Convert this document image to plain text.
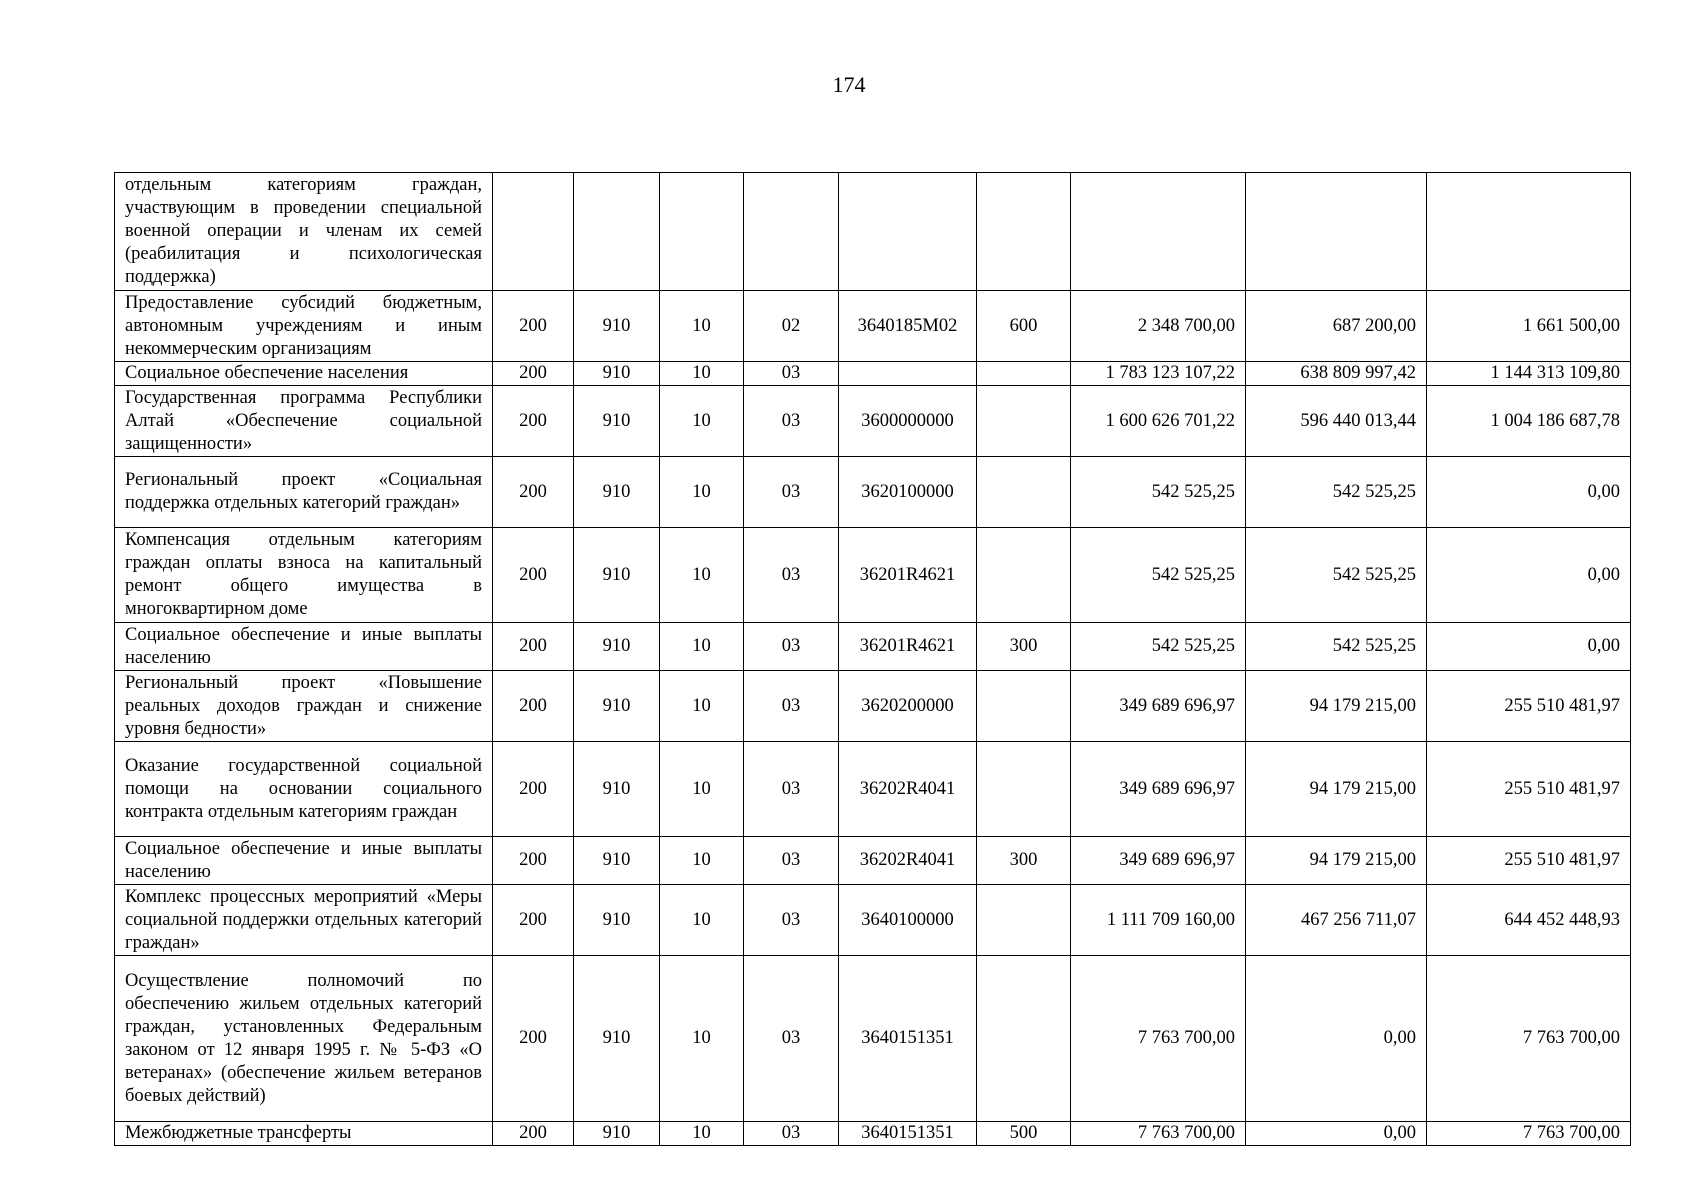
174
отдельным категориям граждан, участвующим в проведении специальной военной операции и членам их семей (реабилитация и психологическая поддержка)									
Предоставление субсидий бюджетным, автономным учреждениям и иным некоммерческим организациям	200	910	10	02	3640185М02	600	2 348 700,00	687 200,00	1 661 500,00
Социальное обеспечение населения	200	910	10	03			1 783 123 107,22	638 809 997,42	1 144 313 109,80
Государственная программа Республики Алтай «Обеспечение социальной защищенности»	200	910	10	03	3600000000		1 600 626 701,22	596 440 013,44	1 004 186 687,78
Региональный проект «Социальная поддержка отдельных категорий граждан»	200	910	10	03	3620100000		542 525,25	542 525,25	0,00
Компенсация отдельным категориям граждан оплаты взноса на капитальный ремонт общего имущества в многоквартирном доме	200	910	10	03	36201R4621		542 525,25	542 525,25	0,00
Социальное обеспечение и иные выплаты населению	200	910	10	03	36201R4621	300	542 525,25	542 525,25	0,00
Региональный проект «Повышение реальных доходов граждан и снижение уровня бедности»	200	910	10	03	3620200000		349 689 696,97	94 179 215,00	255 510 481,97
Оказание государственной социальной помощи на основании социального контракта отдельным категориям граждан	200	910	10	03	36202R4041		349 689 696,97	94 179 215,00	255 510 481,97
Социальное обеспечение и иные выплаты населению	200	910	10	03	36202R4041	300	349 689 696,97	94 179 215,00	255 510 481,97
Комплекс процессных мероприятий «Меры социальной поддержки отдельных категорий граждан»	200	910	10	03	3640100000		1 111 709 160,00	467 256 711,07	644 452 448,93
Осуществление полномочий по обеспечению жильем отдельных категорий граждан, установленных Федеральным законом от 12 января 1995 г. № 5-ФЗ «О ветеранах» (обеспечение жильем ветеранов боевых действий)	200	910	10	03	3640151351		7 763 700,00	0,00	7 763 700,00
Межбюджетные трансферты	200	910	10	03	3640151351	500	7 763 700,00	0,00	7 763 700,00
